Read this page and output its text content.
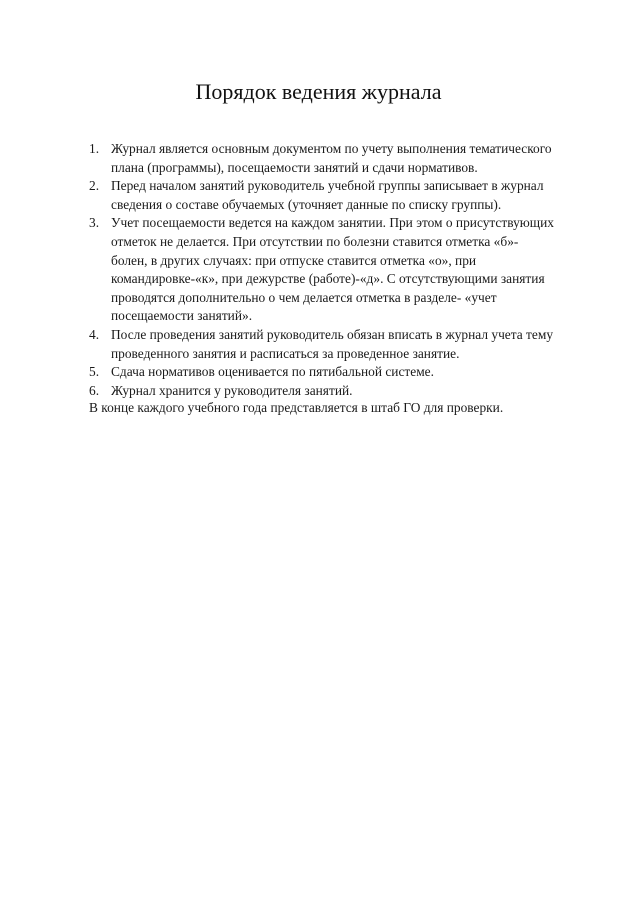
Порядок ведения журнала
1. Журнал является основным документом по учету выполнения тематического
плана (программы), посещаемости занятий и сдачи нормативов.
2. Перед началом занятий руководитель учебной группы записывает в журнал
сведения о составе обучаемых (уточняет данные по списку группы).
3. Учет посещаемости ведется на каждом занятии. При этом о присутствующих
отметок не делается. При отсутствии по болезни ставится отметка «б»-
болен, в других случаях: при отпуске ставится отметка «о», при
командировке-«к», при дежурстве (работе)-«д». С отсутствующими занятия
проводятся дополнительно о чем делается отметка в разделе- «учет
посещаемости занятий».
4. После проведения занятий руководитель обязан вписать в журнал учета тему
проведенного занятия и расписаться за проведенное занятие.
5. Сдача нормативов оценивается по пятибальной системе.
6. Журнал хранится у руководителя занятий.

В конце каждого учебного года представляется в штаб ГО для проверки.
